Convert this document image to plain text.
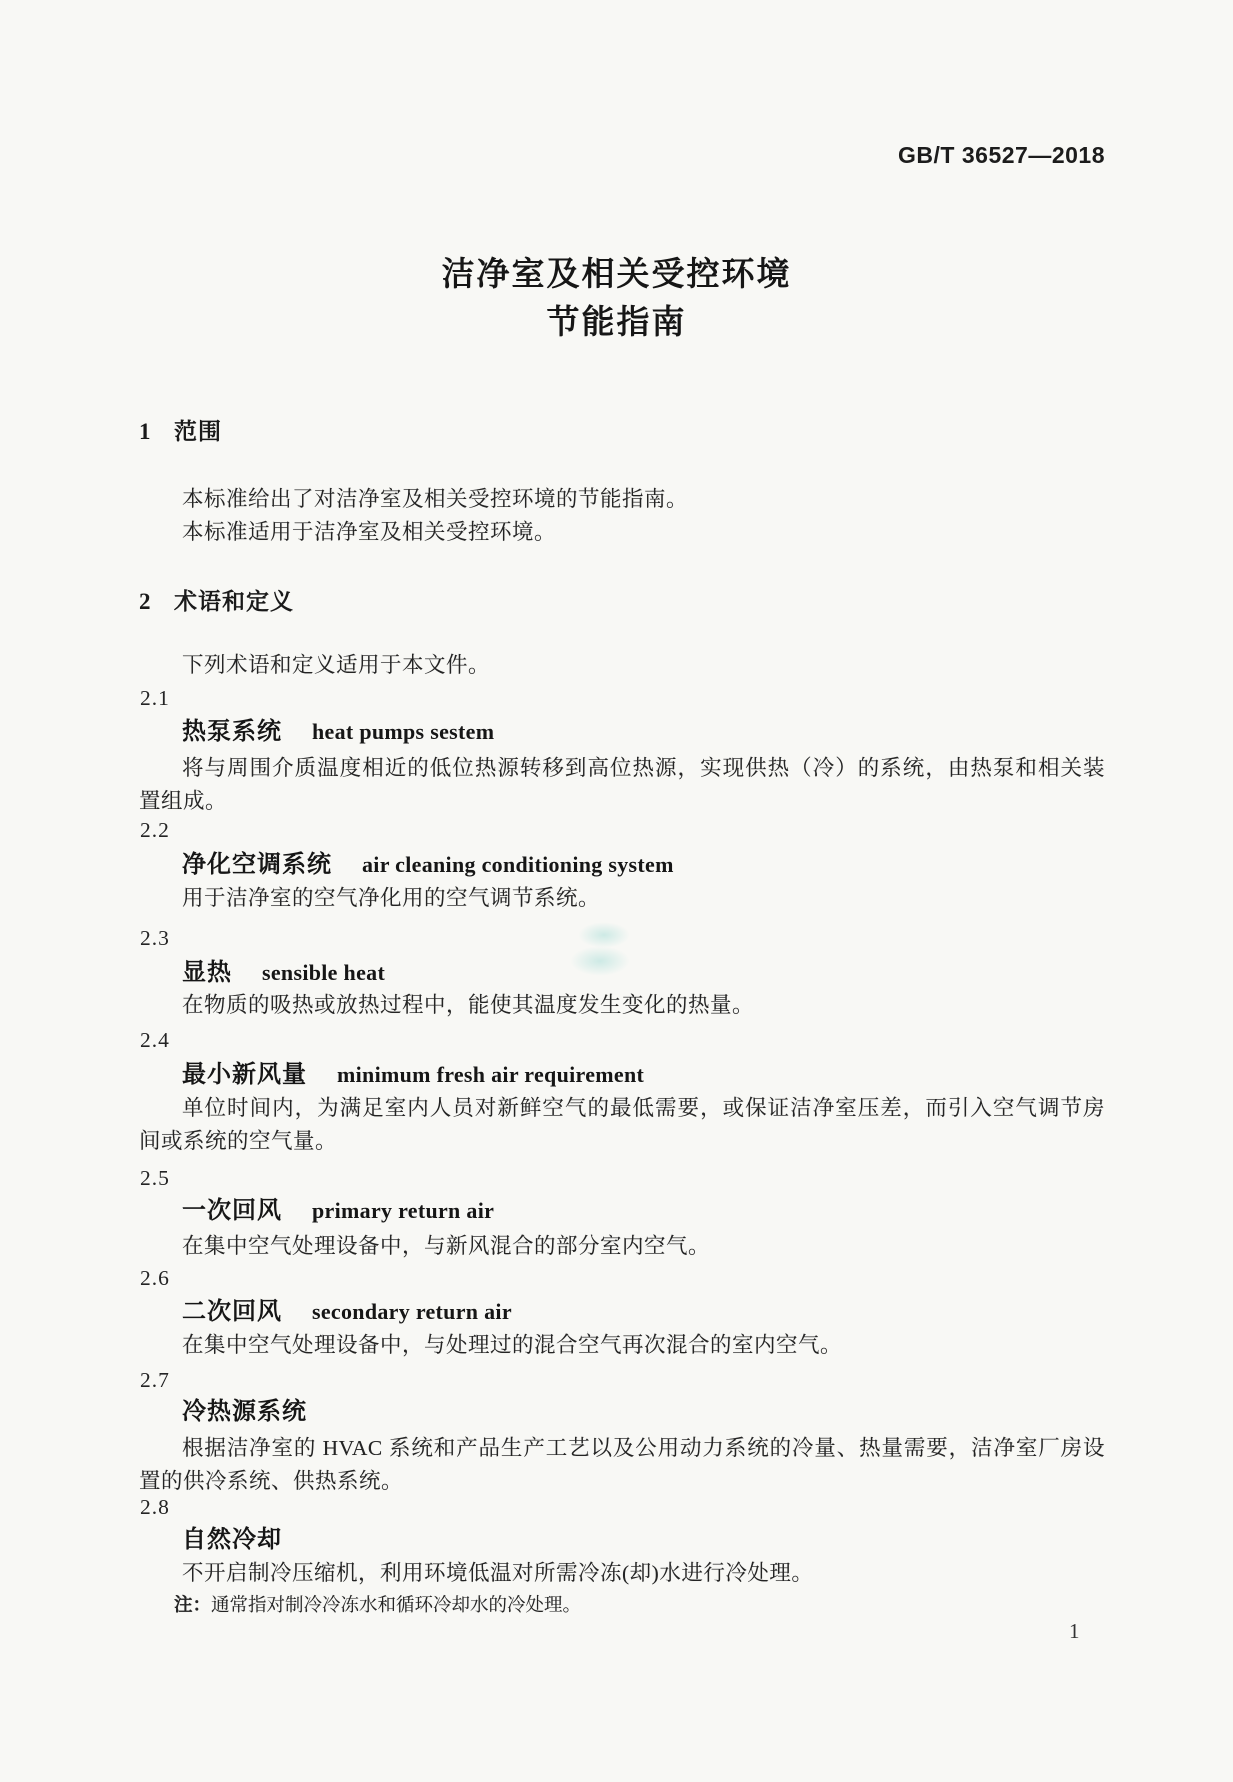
GB/T 36527—2018
洁净室及相关受控环境
节能指南
1 范围
本标准给出了对洁净室及相关受控环境的节能指南。
本标准适用于洁净室及相关受控环境。
2 术语和定义
下列术语和定义适用于本文件。
2.1
热泵系统 heat pumps sestem
将与周围介质温度相近的低位热源转移到高位热源，实现供热（冷）的系统，由热泵和相关装置组成。
2.2
净化空调系统 air cleaning conditioning system
用于洁净室的空气净化用的空气调节系统。
2.3
显热 sensible heat
在物质的吸热或放热过程中，能使其温度发生变化的热量。
2.4
最小新风量 minimum fresh air requirement
单位时间内，为满足室内人员对新鲜空气的最低需要，或保证洁净室压差，而引入空气调节房间或系统的空气量。
2.5
一次回风 primary return air
在集中空气处理设备中，与新风混合的部分室内空气。
2.6
二次回风 secondary return air
在集中空气处理设备中，与处理过的混合空气再次混合的室内空气。
2.7
冷热源系统
根据洁净室的 HVAC 系统和产品生产工艺以及公用动力系统的冷量、热量需要，洁净室厂房设置的供冷系统、供热系统。
2.8
自然冷却
不开启制冷压缩机，利用环境低温对所需冷冻(却)水进行冷处理。
注：通常指对制冷冷冻水和循环冷却水的冷处理。
1
